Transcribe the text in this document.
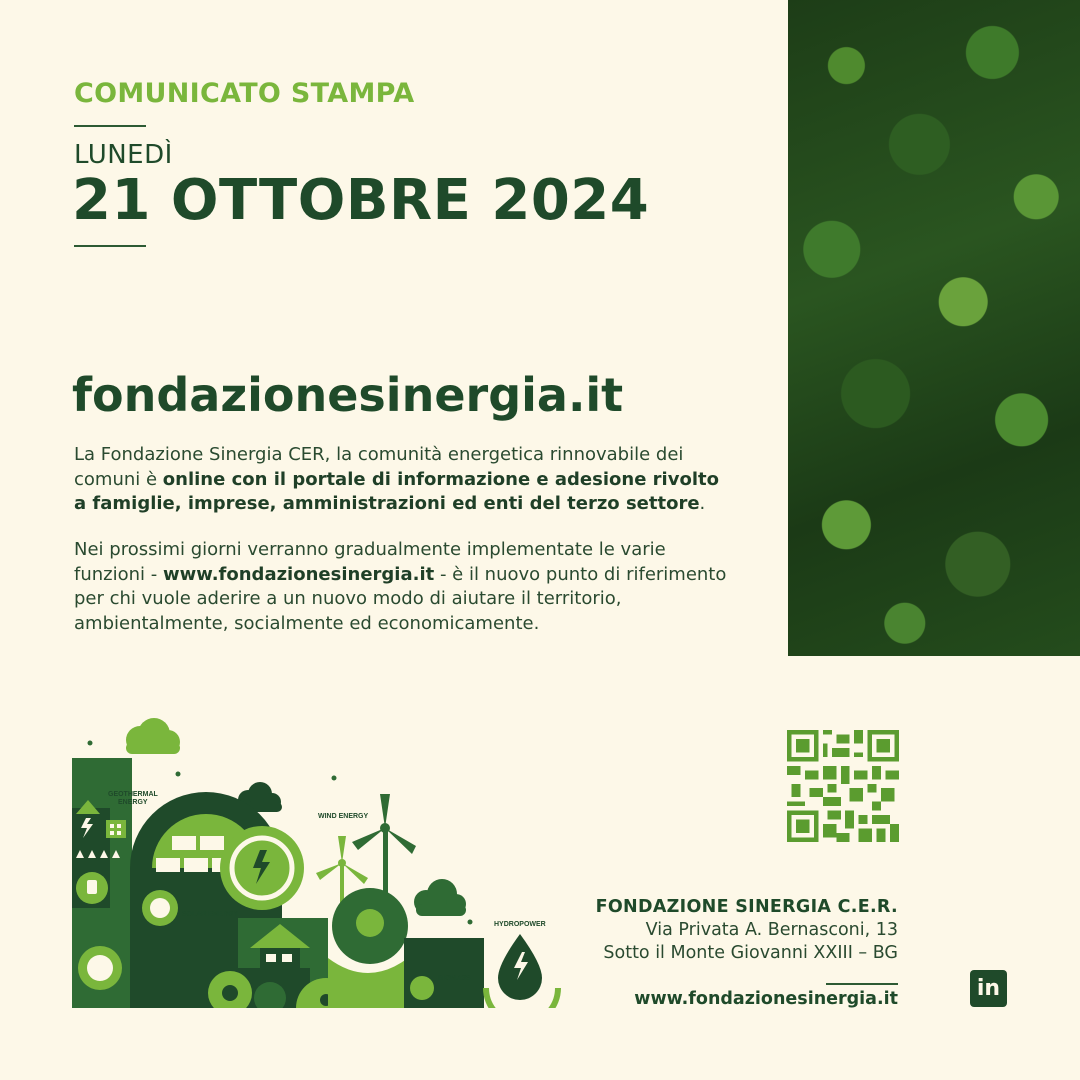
COMUNICATO STAMPA
LUNEDÌ
21 OTTOBRE 2024
fondazionesinergia.it
La Fondazione Sinergia CER, la comunità energetica rinnovabile dei comuni è online con il portale di informazione e adesione rivolto a famiglie, imprese, amministrazioni ed enti del terzo settore.
Nei prossimi giorni verranno gradualmente implementate le varie funzioni - www.fondazionesinergia.it - è il nuovo punto di riferimento per chi vuole aderire a un nuovo modo di aiutare il territorio, ambientalmente, socialmente ed economicamente.
GEOTHERMAL
ENERGY
SOLAR ENERGY
WIND ENERGY
BIOMASS
HYDROPOWER
FONDAZIONE SINERGIA C.E.R.
Via Privata A. Bernasconi, 13
Sotto il Monte Giovanni XXIII – BG
www.fondazionesinergia.it	in
